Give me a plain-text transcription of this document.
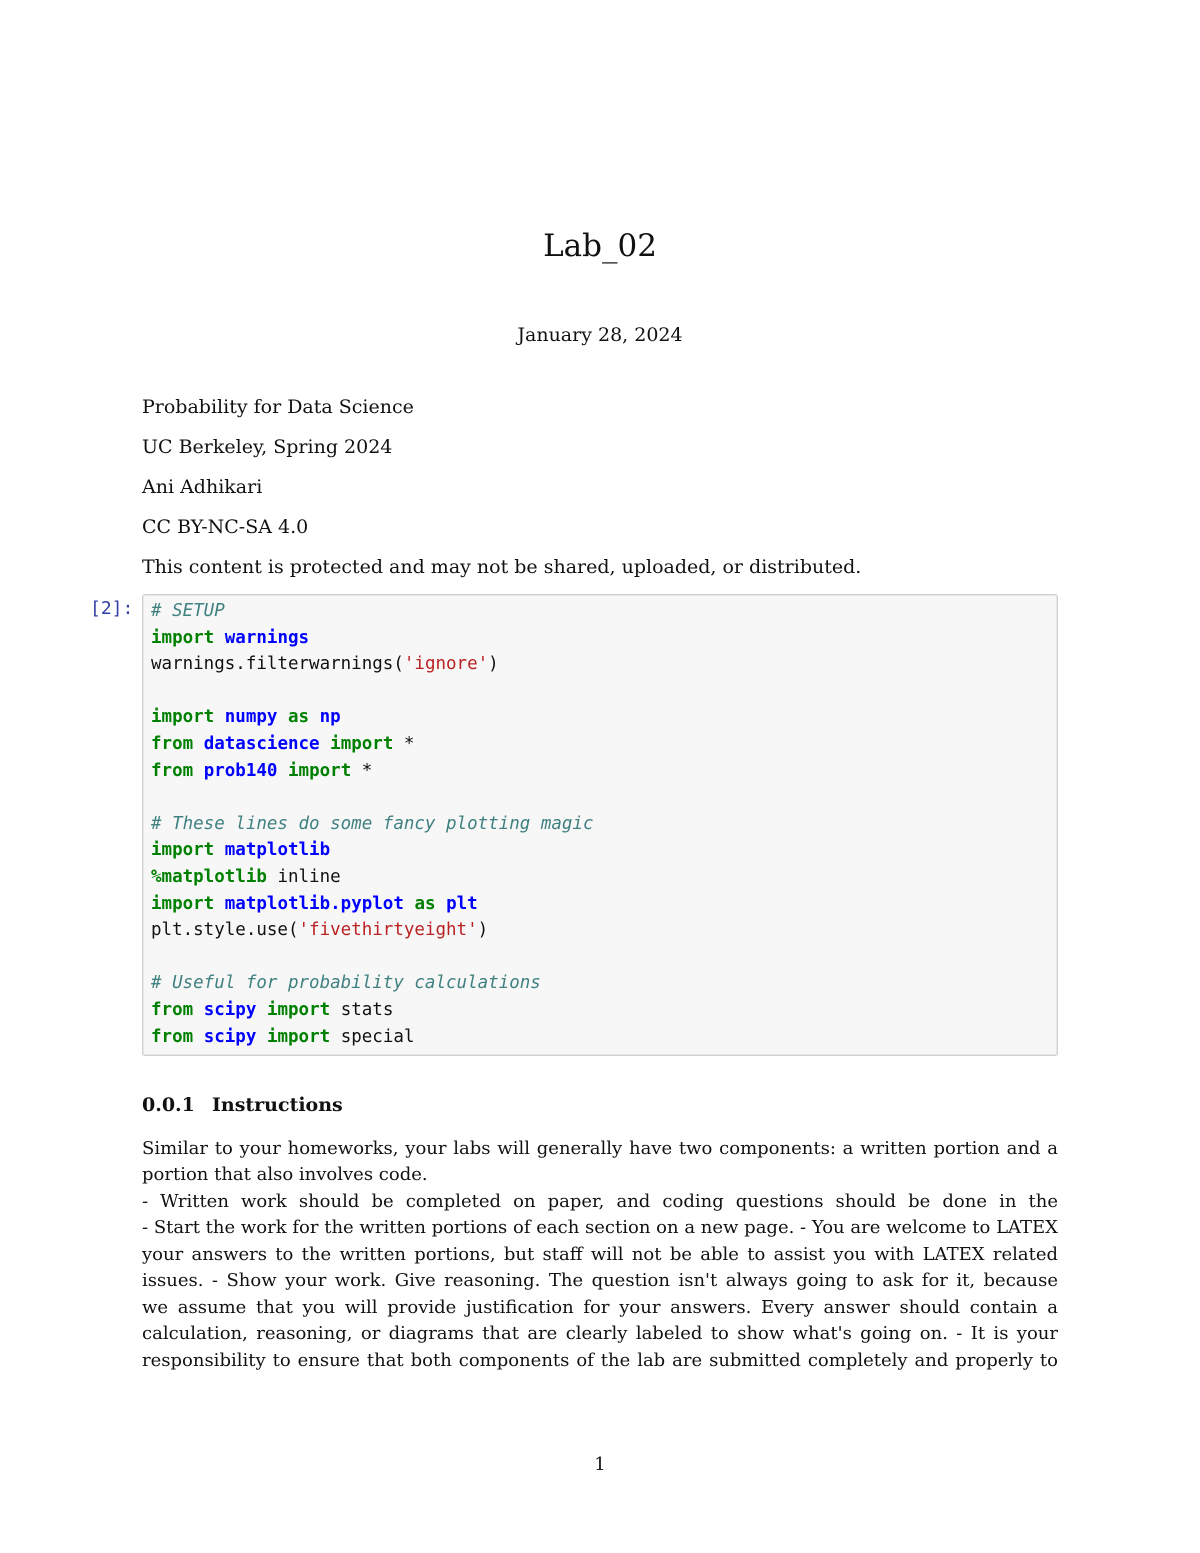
Lab_02
January 28, 2024
Probability for Data Science
UC Berkeley, Spring 2024
Ani Adhikari
CC BY-NC-SA 4.0
This content is protected and may not be shared, uploaded, or distributed.
[2]: # SETUP
import warnings
warnings.filterwarnings('ignore')
import numpy as np
from datascience import *
from prob140 import *
# These lines do some fancy plotting magic
import matplotlib
%matplotlib inline
import matplotlib.pyplot as plt
plt.style.use('fivethirtyeight')
# Useful for probability calculations
from scipy import stats
from scipy import special
0.0.1 Instructions
Similar to your homeworks, your labs will generally have two components: a written portion and a
portion that also involves code.
- Written work should be completed on paper, and coding questions should be done in the
- Start the work for the written portions of each section on a new page. - You are welcome to LATEX
your answers to the written portions, but staff will not be able to assist you with LATEX related
issues. - Show your work. Give reasoning. The question isn't always going to ask for it, because
we assume that you will provide justification for your answers. Every answer should contain a
calculation, reasoning, or diagrams that are clearly labeled to show what's going on. - It is your
responsibility to ensure that both components of the lab are submitted completely and properly to
1
